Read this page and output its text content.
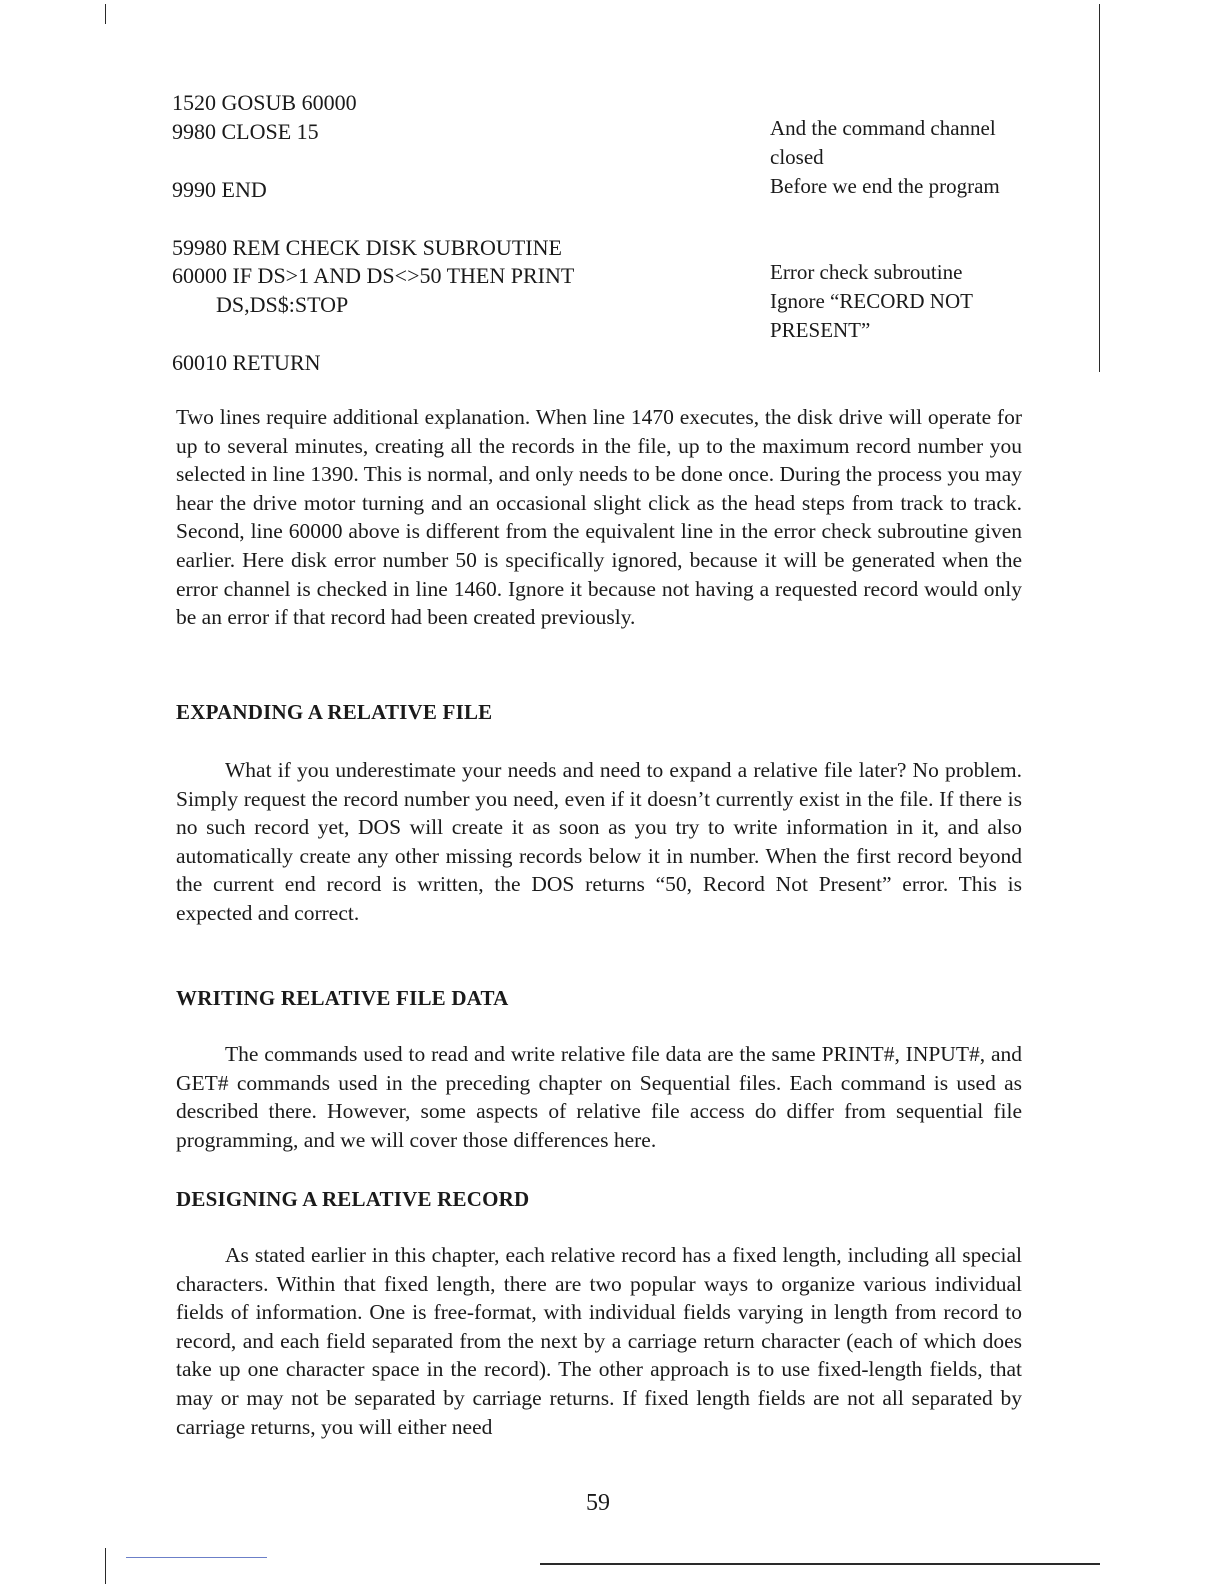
1520 GOSUB 60000

9980 CLOSE 15

9990 END

59980 REM CHECK DISK SUBROUTINE

60000 IF DS>1 AND DS<>50 THEN PRINT

DS,DS$:STOP

60010 RETURN

And the command channel closed

Before we end the program

Error check subroutine

Ignore “RECORD NOT PRESENT”

Two lines require additional explanation. When line 1470 executes, the disk drive will operate for up to several minutes, creating all the records in the file, up to the maximum record number you selected in line 1390. This is normal, and only needs to be done once. During the process you may hear the drive motor turning and an occasional slight click as the head steps from track to track. Second, line 60000 above is different from the equivalent line in the error check subroutine given earlier. Here disk error number 50 is specifically ignored, because it will be generated when the error channel is checked in line 1460. Ignore it because not having a requested record would only be an error if that record had been created previously.

EXPANDING A RELATIVE FILE

What if you underestimate your needs and need to expand a relative file later? No problem. Simply request the record number you need, even if it doesn’t currently exist in the file. If there is no such record yet, DOS will create it as soon as you try to write information in it, and also automatically create any other missing records below it in number. When the first record beyond the current end record is written, the DOS returns “50, Record Not Present” error. This is expected and correct.

WRITING RELATIVE FILE DATA

The commands used to read and write relative file data are the same PRINT#, INPUT#, and GET# commands used in the preceding chapter on Sequential files. Each command is used as described there. However, some aspects of relative file access do differ from sequential file programming, and we will cover those differences here.

DESIGNING A RELATIVE RECORD

As stated earlier in this chapter, each relative record has a fixed length, including all special characters. Within that fixed length, there are two popular ways to organize various individual fields of information. One is free-format, with individual fields varying in length from record to record, and each field separated from the next by a carriage return character (each of which does take up one character space in the record). The other approach is to use fixed-length fields, that may or may not be separated by carriage returns. If fixed length fields are not all separated by carriage returns, you will either need

59
